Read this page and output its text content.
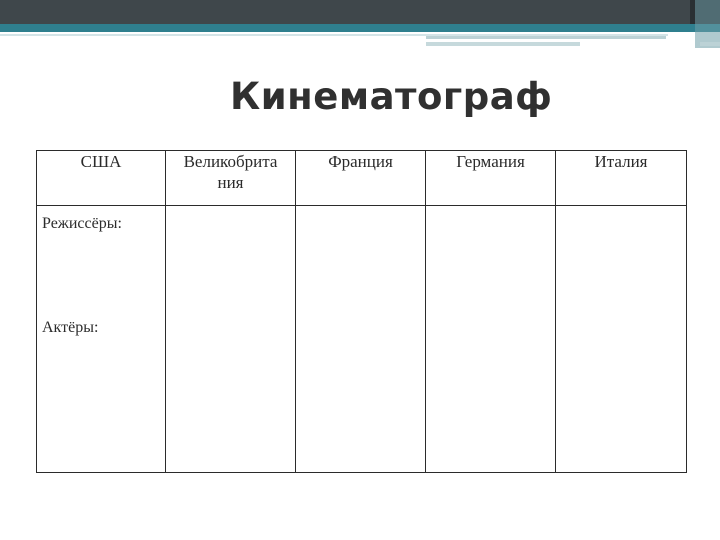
Кинематограф
США	Великобрита ния	Франция	Германия	Италия

Режиссёры:
Актёры:				
